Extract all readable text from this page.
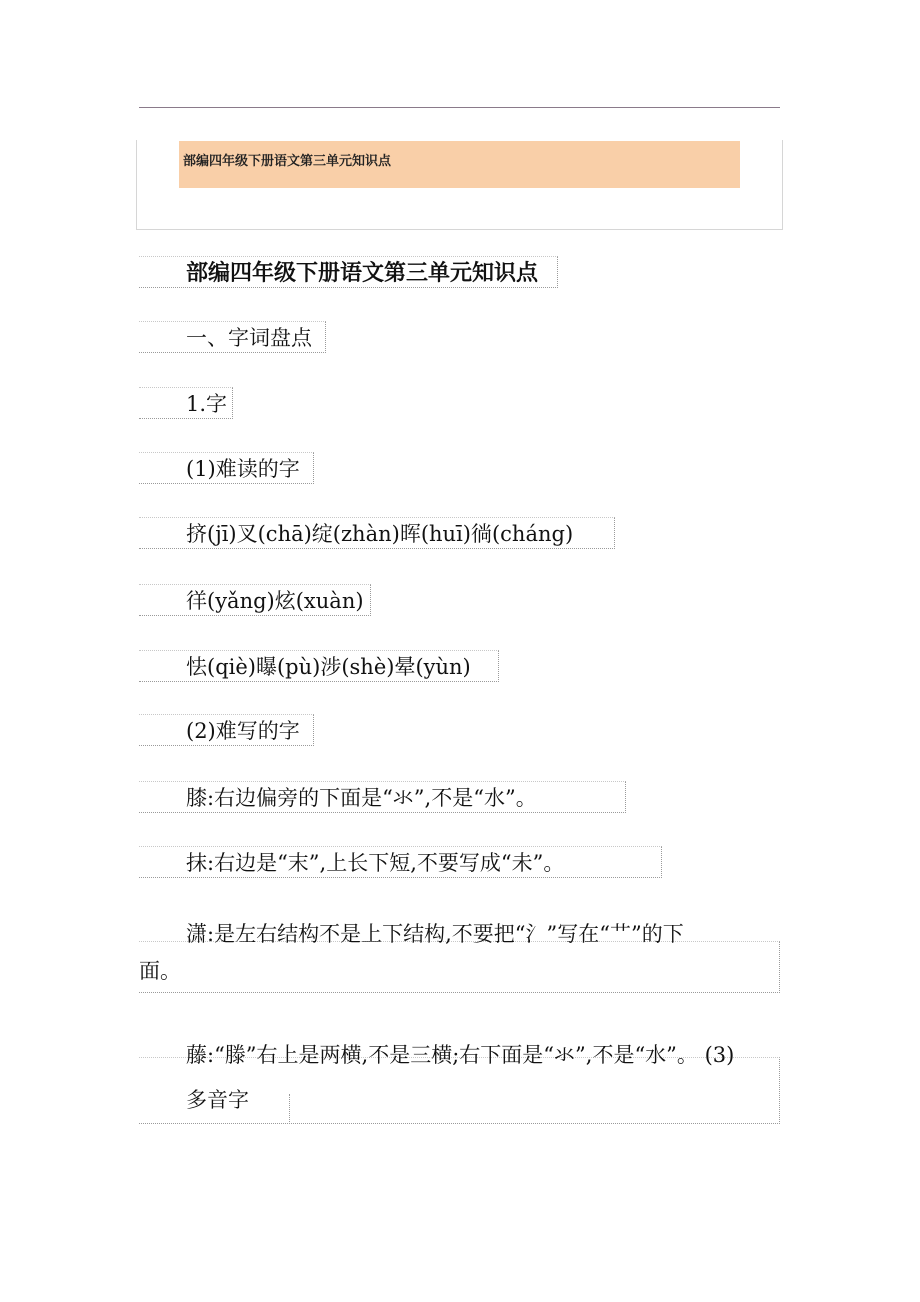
部编四年级下册语文第三单元知识点
部编四年级下册语文第三单元知识点
一、字词盘点
1.字
(1)难读的字
挤(jī)叉(chā)绽(zhàn)晖(huī)徜(cháng)
徉(yǎng)炫(xuàn)
怯(qiè)曝(pù)涉(shè)晕(yùn)
(2)难写的字
膝:右边偏旁的下面是“氺”,不是“水”。
抹:右边是“末”,上长下短,不要写成“未”。
潇:是左右结构不是上下结构,不要把“氵”写在“艹”的下
面。
藤:“滕”右上是两横,不是三横;右下面是“氺”,不是“水”。 (3)
多音字
